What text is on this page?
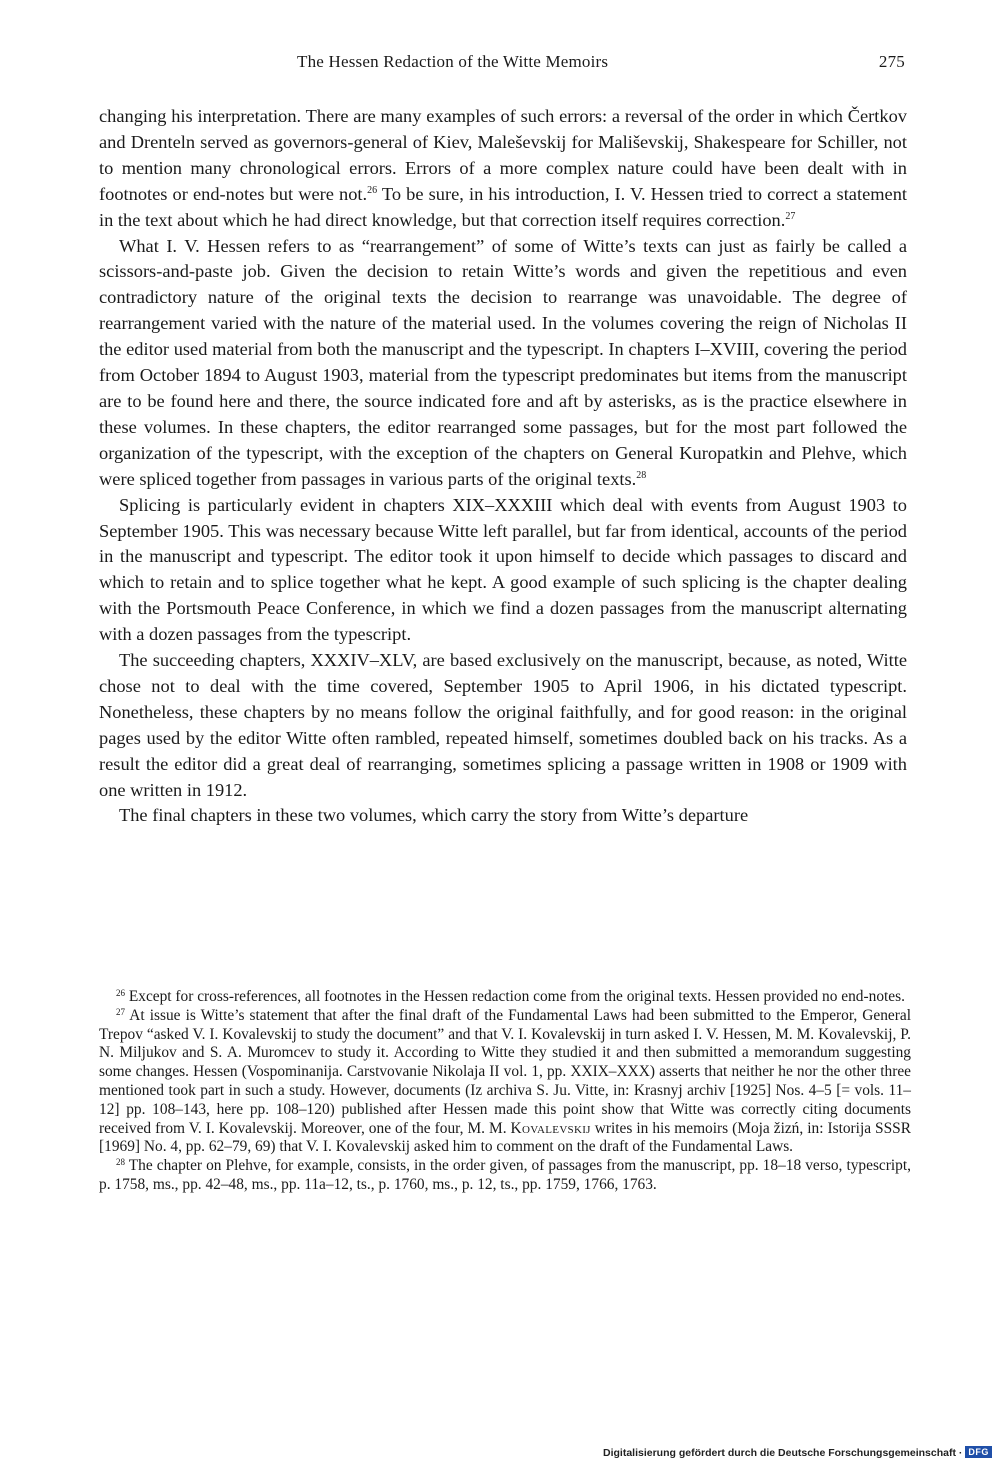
The Hessen Redaction of the Witte Memoirs	275

changing his interpretation. There are many examples of such errors: a reversal of the order in which Čertkov and Drenteln served as governors-general of Kiev, Maleševskij for Mališevskij, Shakespeare for Schiller, not to mention many chronological errors. Errors of a more complex nature could have been dealt with in footnotes or end-notes but were not.$^{26}$ To be sure, in his introduction, I. V. Hessen tried to correct a statement in the text about which he had direct knowledge, but that correction itself requires correction.$^{27}$

What I. V. Hessen refers to as “rearrangement” of some of Witte’s texts can just as fairly be called a scissors-and-paste job. Given the decision to retain Witte’s words and given the repetitious and even contradictory nature of the original texts the decision to rearrange was unavoidable. The degree of rearrangement varied with the nature of the material used. In the volumes covering the reign of Nicholas II the editor used material from both the manuscript and the typescript. In chapters I–XVIII, covering the period from October 1894 to August 1903, material from the typescript predominates but items from the manuscript are to be found here and there, the source indicated fore and aft by asterisks, as is the practice elsewhere in these volumes. In these chapters, the editor rearranged some passages, but for the most part followed the organization of the typescript, with the exception of the chapters on General Kuropatkin and Plehve, which were spliced together from passages in various parts of the original texts.$^{28}$

Splicing is particularly evident in chapters XIX–XXXIII which deal with events from August 1903 to September 1905. This was necessary because Witte left parallel, but far from identical, accounts of the period in the manuscript and typescript. The editor took it upon himself to decide which passages to discard and which to retain and to splice together what he kept. A good example of such splicing is the chapter dealing with the Portsmouth Peace Conference, in which we find a dozen passages from the manuscript alternating with a dozen passages from the typescript.

The succeeding chapters, XXXIV–XLV, are based exclusively on the manuscript, because, as noted, Witte chose not to deal with the time covered, September 1905 to April 1906, in his dictated typescript. Nonetheless, these chapters by no means follow the original faithfully, and for good reason: in the original pages used by the editor Witte often rambled, repeated himself, sometimes doubled back on his tracks. As a result the editor did a great deal of rearranging, sometimes splicing a passage written in 1908 or 1909 with one written in 1912.

The final chapters in these two volumes, which carry the story from Witte’s departure

$^{26}$ Except for cross-references, all footnotes in the Hessen redaction come from the original texts. Hessen provided no end-notes.

$^{27}$ At issue is Witte’s statement that after the final draft of the Fundamental Laws had been submitted to the Emperor, General Trepov “asked V. I. Kovalevskij to study the document” and that V. I. Kovalevskij in turn asked I. V. Hessen, M. M. Kovalevskij, P. N. Miljukov and S. A. Muromcev to study it. According to Witte they studied it and then submitted a memorandum suggesting some changes. Hessen (Vospominanija. Carstvovanie Nikolaja II vol. 1, pp. XXIX–XXX) asserts that neither he nor the other three mentioned took part in such a study. However, documents (Iz archiva S. Ju. Vitte, in: Krasnyj archiv [1925] Nos. 4–5 [= vols. 11–12] pp. 108–143, here pp. 108–120) published after Hessen made this point show that Witte was correctly citing documents received from V. I. Kovalevskij. Moreover, one of the four, M. M. Kovalevskij writes in his memoirs (Moja žizń, in: Istorija SSSR [1969] No. 4, pp. 62–79, 69) that V. I. Kovalevskij asked him to comment on the draft of the Fundamental Laws.

$^{28}$ The chapter on Plehve, for example, consists, in the order given, of passages from the manuscript, pp. 18–18 verso, typescript, p. 1758, ms., pp. 42–48, ms., pp. 11a–12, ts., p. 1760, ms., p. 12, ts., pp. 1759, 1766, 1763.

Digitalisierung gefördert durch die Deutsche Forschungsgemeinschaft · DFG
